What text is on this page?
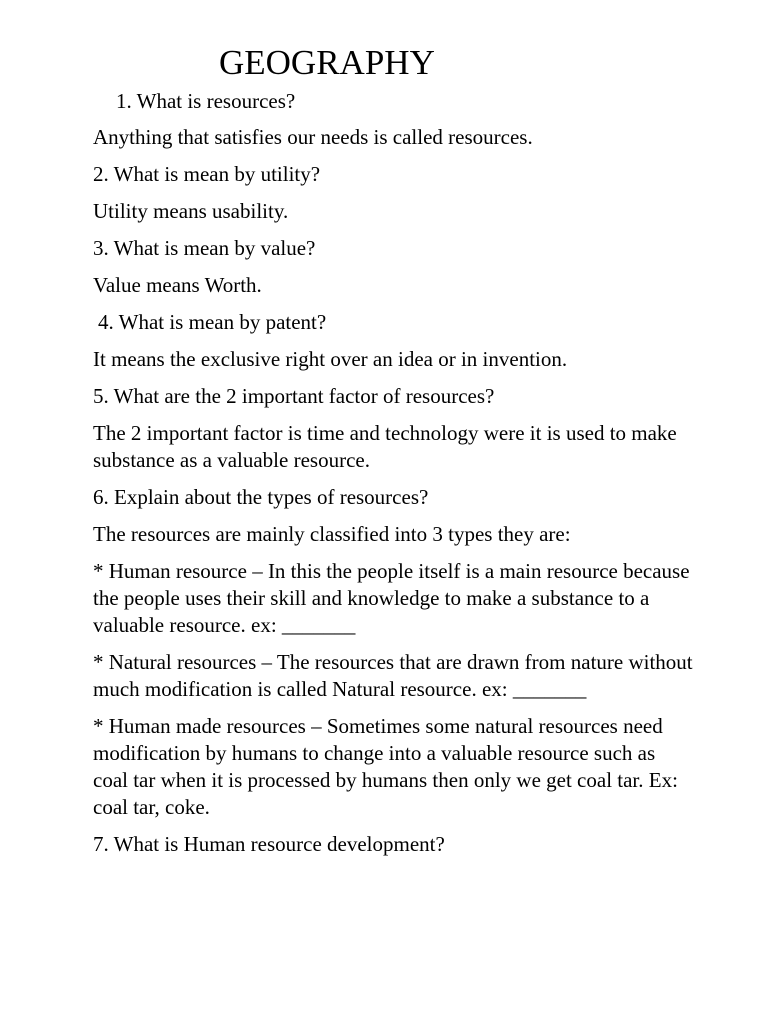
GEOGRAPHY

1. What is resources?

Anything that satisfies our needs is called resources.

2. What is mean by utility?

Utility means usability.

3. What is mean by value?

Value means Worth.

4. What is mean by patent?

It means the exclusive right over an idea or in invention.

5. What are the 2 important factor of resources?

The 2 important factor is time and technology were it is used to make substance as a valuable resource.

6. Explain about the types of resources?

The resources are mainly classified into 3 types they are:

* Human resource – In this the people itself is a main resource because the people uses their skill and knowledge to make a substance to a valuable resource. ex: _______

* Natural resources – The resources that are drawn from nature without much modification is called Natural resource. ex: _______

* Human made resources – Sometimes some natural resources need modification by humans to change into a valuable resource such as coal tar when it is processed by humans then only we get coal tar. Ex:  coal tar, coke.

7. What is Human resource development?
